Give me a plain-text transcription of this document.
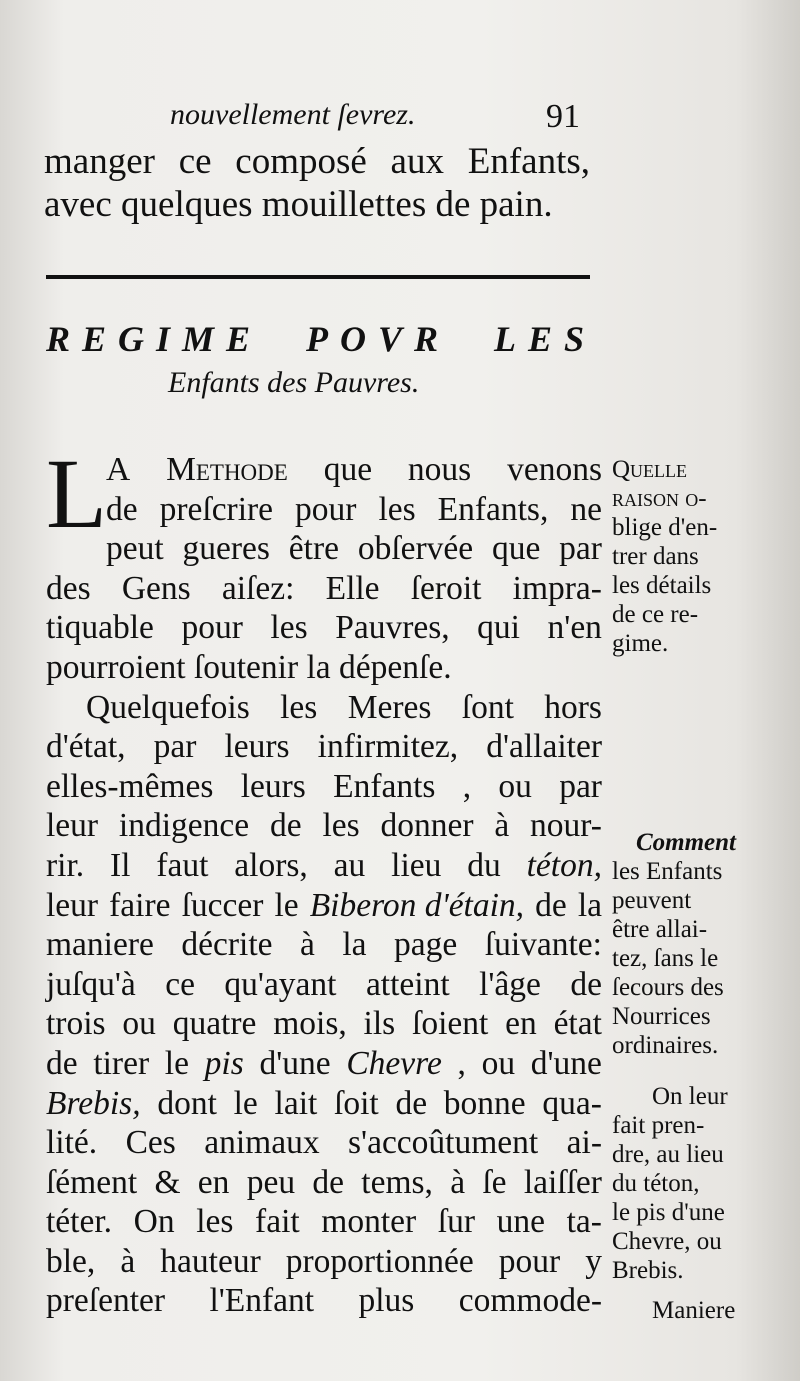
nouvellement ſevrez.	91
manger ce composé aux Enfants,
avec quelques mouillettes de pain.
REGIME POVR LES
Enfants des Pauvres.
L
A Methode que nous venons
de preſcrire pour les Enfants, ne
peut gueres être obſervée que par
des Gens aiſez: Elle ſeroit impra-
tiquable pour les Pauvres, qui n'en
pourroient ſoutenir la dépenſe.
Quelquefois les Meres ſont hors
d'état, par leurs infirmitez, d'allaiter
elles-mêmes leurs Enfants , ou par
leur indigence de les donner à nour-
rir. Il faut alors, au lieu du téton,
leur faire ſuccer le Biberon d'étain, de la
maniere décrite à la page ſuivante:
juſqu'à ce qu'ayant atteint l'âge de
trois ou quatre mois, ils ſoient en état
de tirer le pis d'une Chevre , ou d'une
Brebis, dont le lait ſoit de bonne qua-
lité. Ces animaux s'accoûtument ai-
ſément & en peu de tems, à ſe laiſſer
téter. On les fait monter ſur une ta-
ble, à hauteur proportionnée pour y
preſenter l'Enfant plus commode-
Quelle
raison o-
blige d'en-
trer dans
les détails
de ce re-
gime.
Comment
les Enfants
peuvent
être allai-
tez, ſans le
ſecours des
Nourrices
ordinaires.
On leur
fait pren-
dre, au lieu
du téton,
le pis d'une
Chevre, ou
Brebis.
Maniere
